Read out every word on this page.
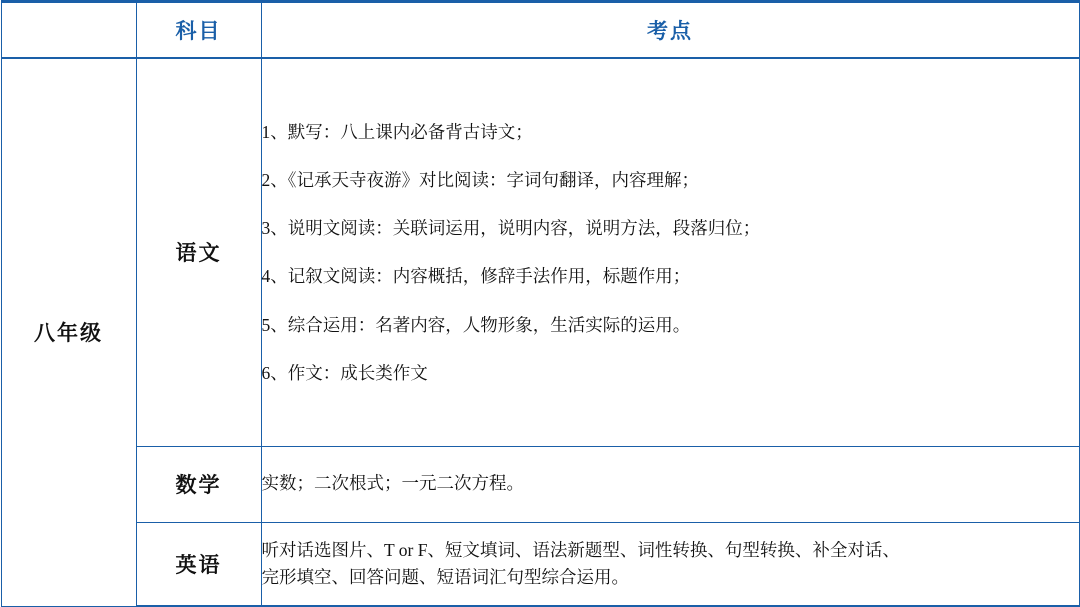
	科目	考点
八年级	语文	

1、默写：八上课内必备背古诗文；

2、《记承天寺夜游》对比阅读：字词句翻译，内容理解；

3、说明文阅读：关联词运用，说明内容，说明方法，段落归位；

4、记叙文阅读：内容概括，修辞手法作用，标题作用；

5、综合运用：名著内容，人物形象，生活实际的运用。

6、作文：成长类作文

	数学	实数；二次根式；一元二次方程。

	英语	听对话选图片、T or F、短文填词、语法新题型、词性转换、句型转换、补全对话、

完形填空、回答问题、短语词汇句型综合运用。
